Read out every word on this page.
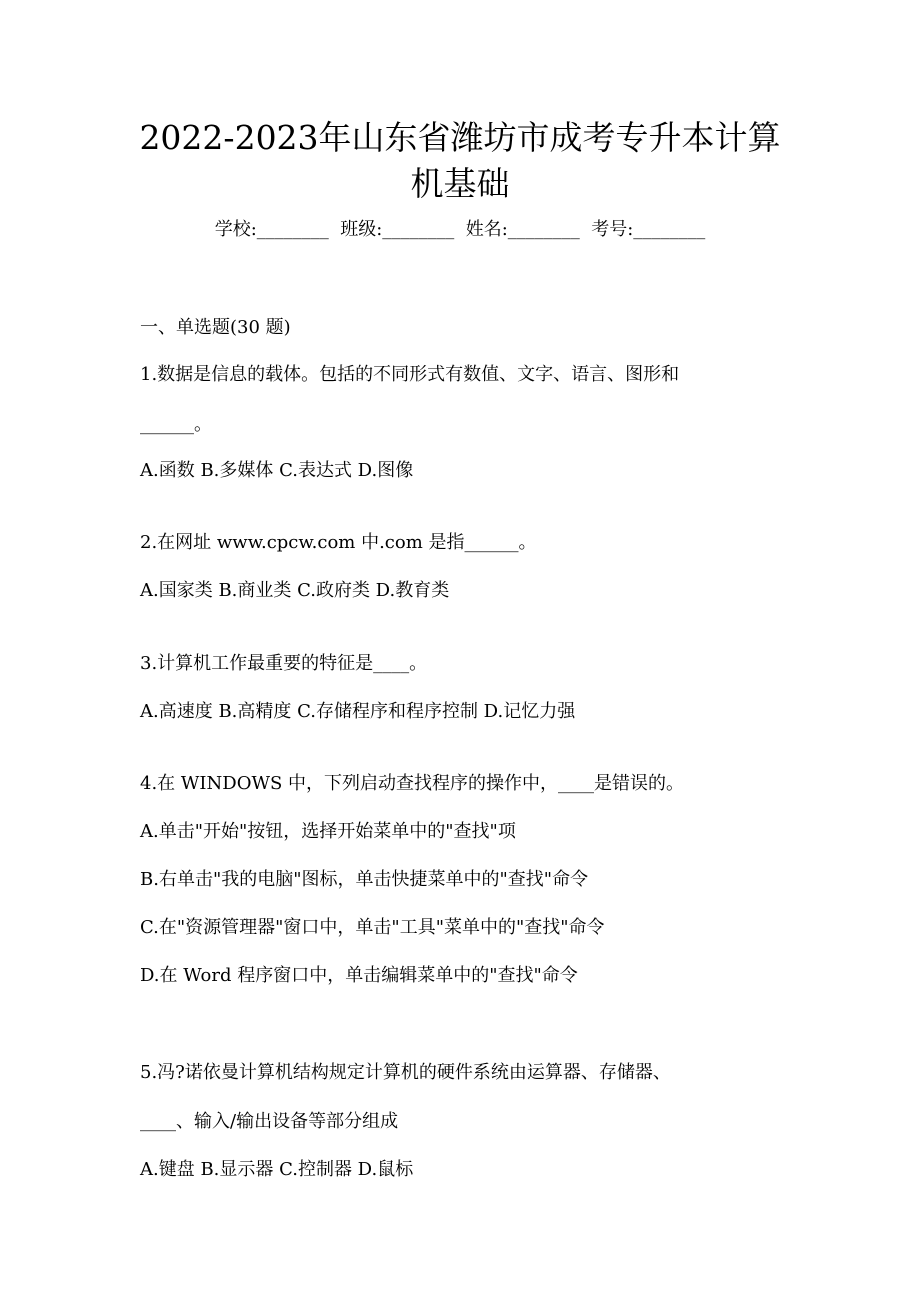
2022-2023年山东省潍坊市成考专升本计算
机基础
学校:________  班级:________  姓名:________  考号:________
一、单选题(30 题)
1.数据是信息的载体。包括的不同形式有数值、文字、语言、图形和
______。
A.函数 B.多媒体 C.表达式 D.图像
2.在网址 www.cpcw.com 中.com 是指______。
A.国家类 B.商业类 C.政府类 D.教育类
3.计算机工作最重要的特征是____。
A.高速度 B.高精度 C.存储程序和程序控制 D.记忆力强
4.在 WINDOWS 中，下列启动查找程序的操作中，____是错误的。
A.单击"开始"按钮，选择开始菜单中的"查找"项
B.右单击"我的电脑"图标，单击快捷菜单中的"查找"命令
C.在"资源管理器"窗口中，单击"工具"菜单中的"查找"命令
D.在 Word 程序窗口中，单击编辑菜单中的"查找"命令
5.冯?诺依曼计算机结构规定计算机的硬件系统由运算器、存储器、
____、输入/输出设备等部分组成
A.键盘 B.显示器 C.控制器 D.鼠标
